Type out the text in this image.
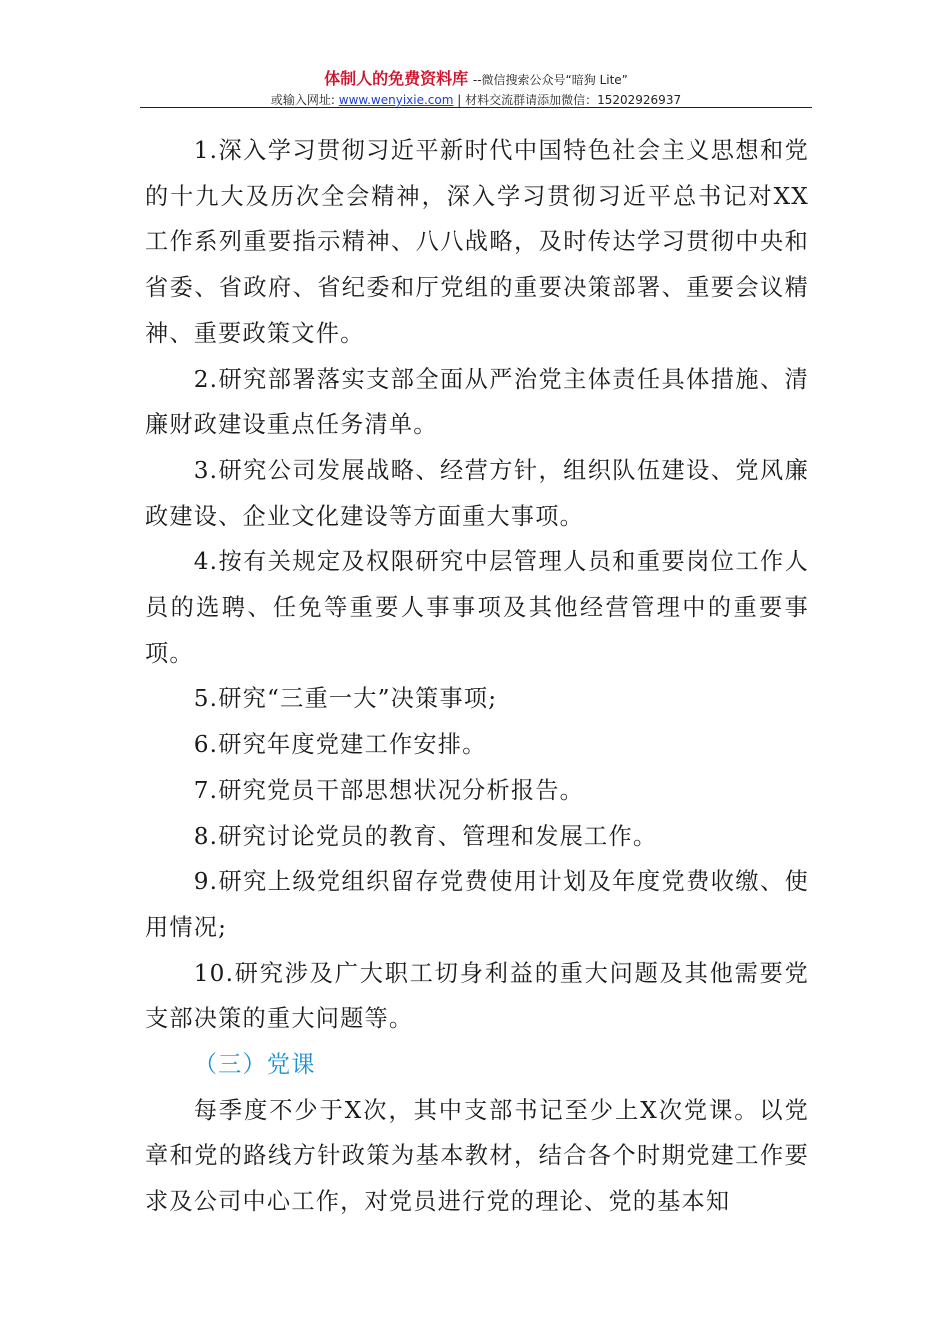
体制人的免费资料库 --微信搜索公众号“暗狗 Lite”
或输入网址: www.wenyixie.com | 材料交流群请添加微信：15202926937

1.深入学习贯彻习近平新时代中国特色社会主义思想和党的十九大及历次全会精神，深入学习贯彻习近平总书记对XX工作系列重要指示精神、八八战略，及时传达学习贯彻中央和省委、省政府、省纪委和厅党组的重要决策部署、重要会议精神、重要政策文件。

2.研究部署落实支部全面从严治党主体责任具体措施、清廉财政建设重点任务清单。

3.研究公司发展战略、经营方针，组织队伍建设、党风廉政建设、企业文化建设等方面重大事项。

4.按有关规定及权限研究中层管理人员和重要岗位工作人员的选聘、任免等重要人事事项及其他经营管理中的重要事项。

5.研究“三重一大”决策事项;

6.研究年度党建工作安排。

7.研究党员干部思想状况分析报告。

8.研究讨论党员的教育、管理和发展工作。

9.研究上级党组织留存党费使用计划及年度党费收缴、使用情况;

10.研究涉及广大职工切身利益的重大问题及其他需要党支部决策的重大问题等。

（三）党课

每季度不少于X次，其中支部书记至少上X次党课。以党章和党的路线方针政策为基本教材，结合各个时期党建工作要求及公司中心工作，对党员进行党的理论、党的基本知
